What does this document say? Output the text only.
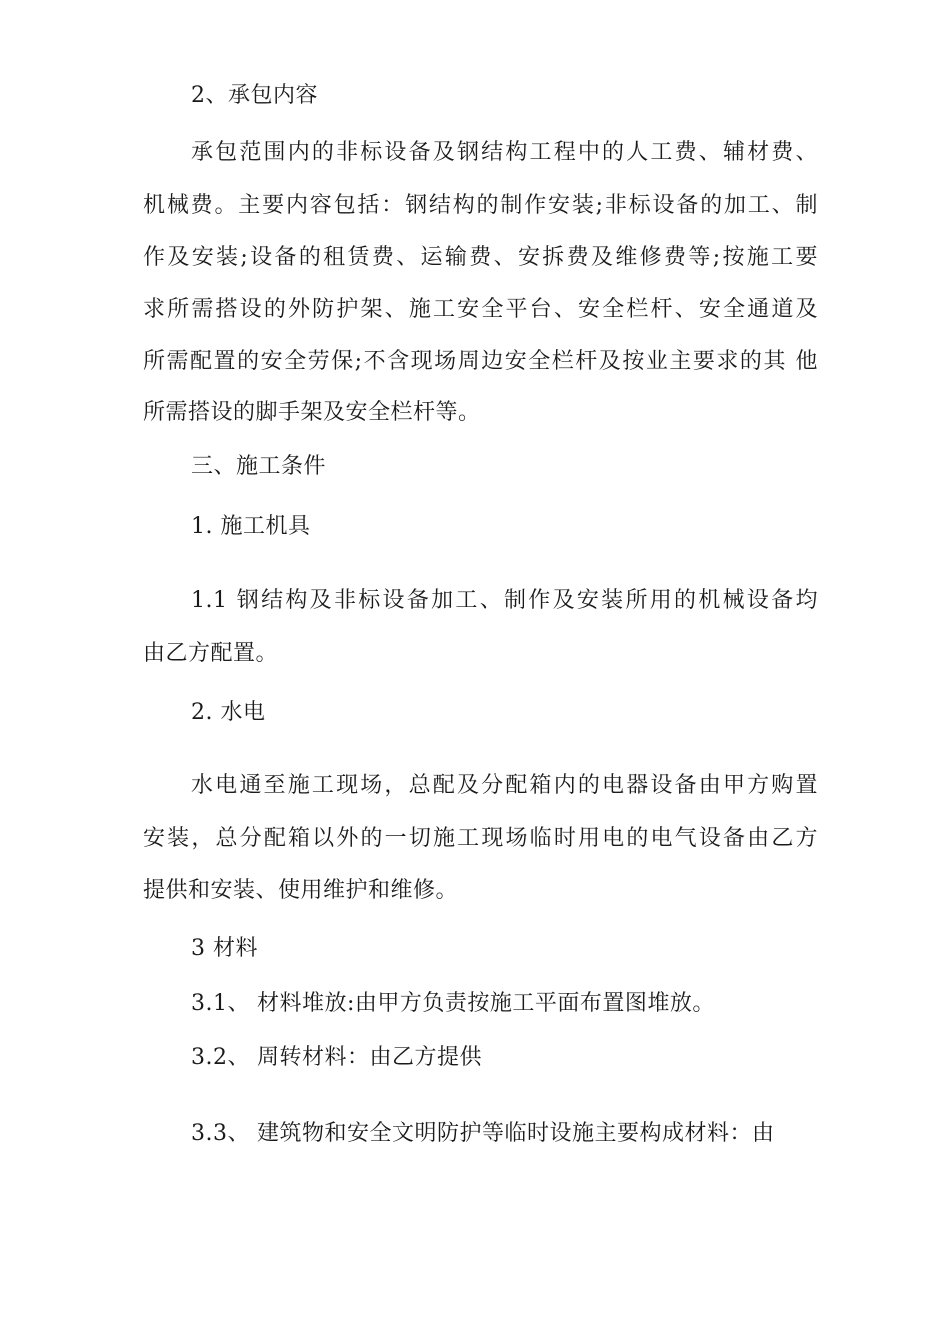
2、承包内容
承包范围内的非标设备及钢结构工程中的人工费、辅材费、
机械费。主要内容包括：钢结构的制作安装;非标设备的加工、制
作及安装;设备的租赁费、运输费、安拆费及维修费等;按施工要
求所需搭设的外防护架、施工安全平台、安全栏杆、安全通道及
所需配置的安全劳保;不含现场周边安全栏杆及按业主要求的其 他
所需搭设的脚手架及安全栏杆等。
三、施工条件
1. 施工机具
1.1 钢结构及非标设备加工、制作及安装所用的机械设备均
由乙方配置。
2. 水电
水电通至施工现场，总配及分配箱内的电器设备由甲方购置
安装，总分配箱以外的一切施工现场临时用电的电气设备由乙方
提供和安装、使用维护和维修。
3 材料
3.1、 材料堆放:由甲方负责按施工平面布置图堆放。
3.2、 周转材料：由乙方提供
3.3、 建筑物和安全文明防护等临时设施主要构成材料：由
